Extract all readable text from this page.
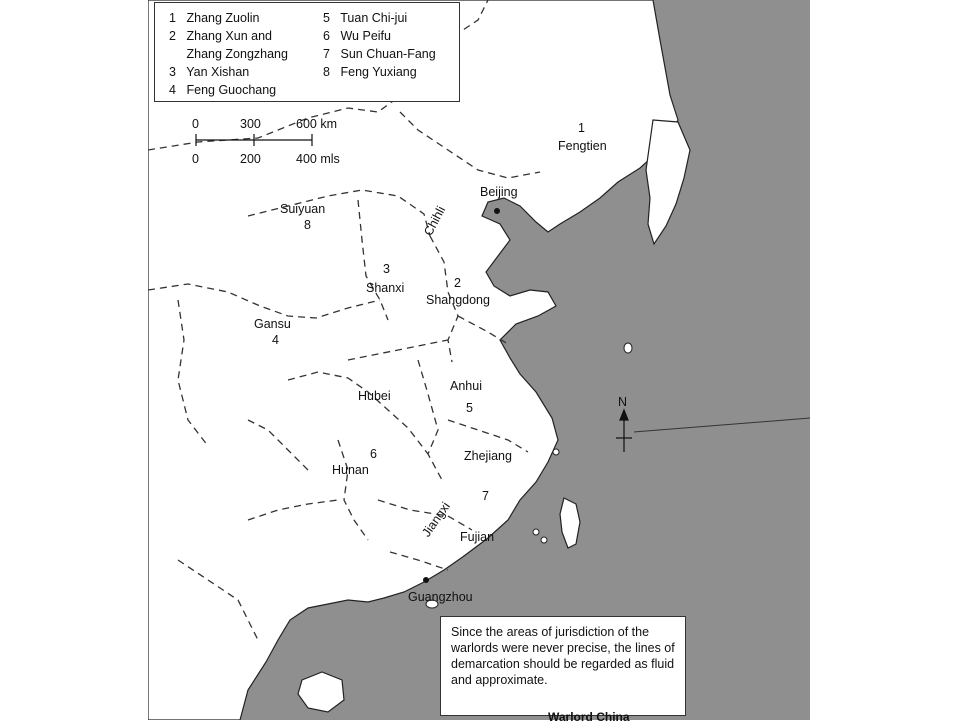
1 Zhang Zuolin
2 Zhang Xun and
Zhang Zongzhang
3 Yan Xishan
4 Feng Guochang
5 Tuan Chi-jui
6 Wu Peifu
7 Sun Chuan-Fang
8 Feng Yuxiang
0	300	600 km
0	200	400 mls
1
Fengtien
Suiyuan
8
3
Shanxi
Chihli
2
Shangdong
Gansu
4
Hubei
Anhui
5
Hunan
6	Zhejiang
7
Jiangxi Fujian
Beijing
Guangzhou
N
Since the areas of jurisdiction of the warlords were never precise, the lines of demarcation should be regarded as fluid and approximate.
Warlord China
